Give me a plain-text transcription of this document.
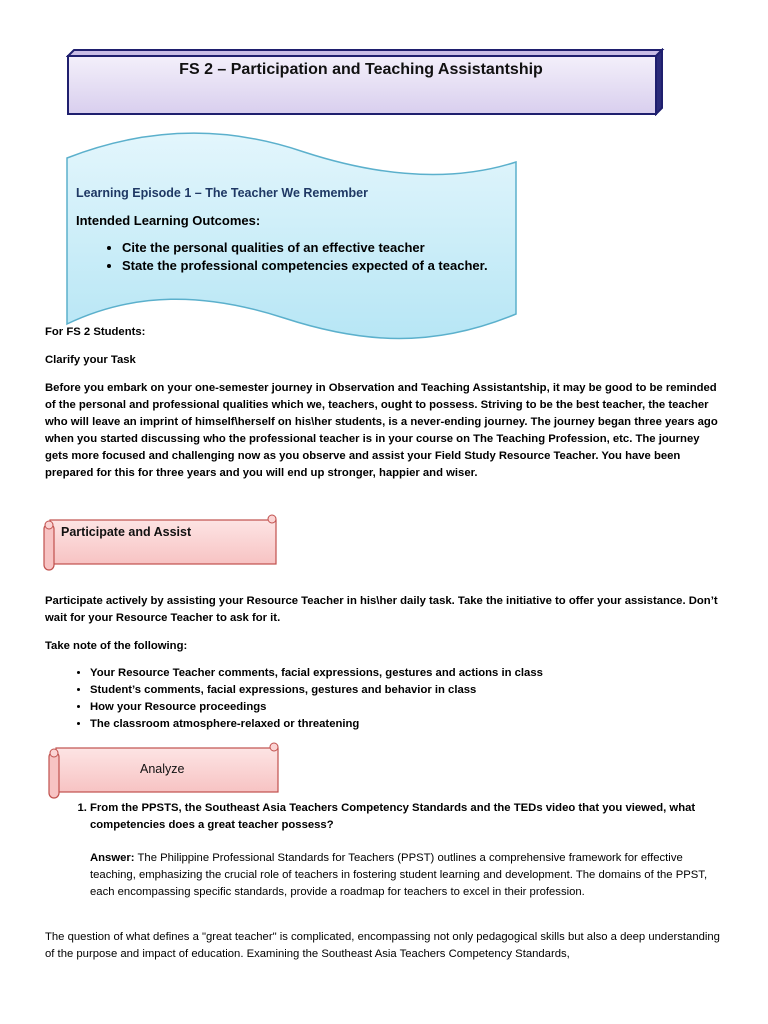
FS 2 – Participation and Teaching Assistantship
Learning Episode 1 – The Teacher We Remember
Intended Learning Outcomes:
• Cite the personal qualities of an effective teacher
• State the professional competencies expected of a teacher.
For FS 2 Students:
Clarify your Task
Before you embark on your one-semester journey in Observation and Teaching Assistantship, it may be good to be reminded of the personal and professional qualities which we, teachers, ought to possess. Striving to be the best teacher, the teacher who will leave an imprint of himself\herself on his\her students, is a never-ending journey. The journey began three years ago when you started discussing who the professional teacher is in your course on The Teaching Profession, etc. The journey gets more focused and challenging now as you observe and assist your Field Study Resource Teacher. You have been prepared for this for three years and you will end up stronger, happier and wiser.
Participate and Assist
Participate actively by assisting your Resource Teacher in his\her daily task. Take the initiative to offer your assistance. Don’t wait for your Resource Teacher to ask for it.
Take note of the following:
• Your Resource Teacher comments, facial expressions, gestures and actions in class
• Student’s comments, facial expressions, gestures and behavior in class
• How your Resource proceedings
• The classroom atmosphere-relaxed or threatening
Analyze
1. From the PPSTS, the Southeast Asia Teachers Competency Standards and the TEDs video that you viewed, what competencies does a great teacher possess?
Answer: The Philippine Professional Standards for Teachers (PPST) outlines a comprehensive framework for effective teaching, emphasizing the crucial role of teachers in fostering student learning and development. The domains of the PPST, each encompassing specific standards, provide a roadmap for teachers to excel in their profession.
The question of what defines a "great teacher" is complicated, encompassing not only pedagogical skills but also a deep understanding of the purpose and impact of education. Examining the Southeast Asia Teachers Competency Standards,
